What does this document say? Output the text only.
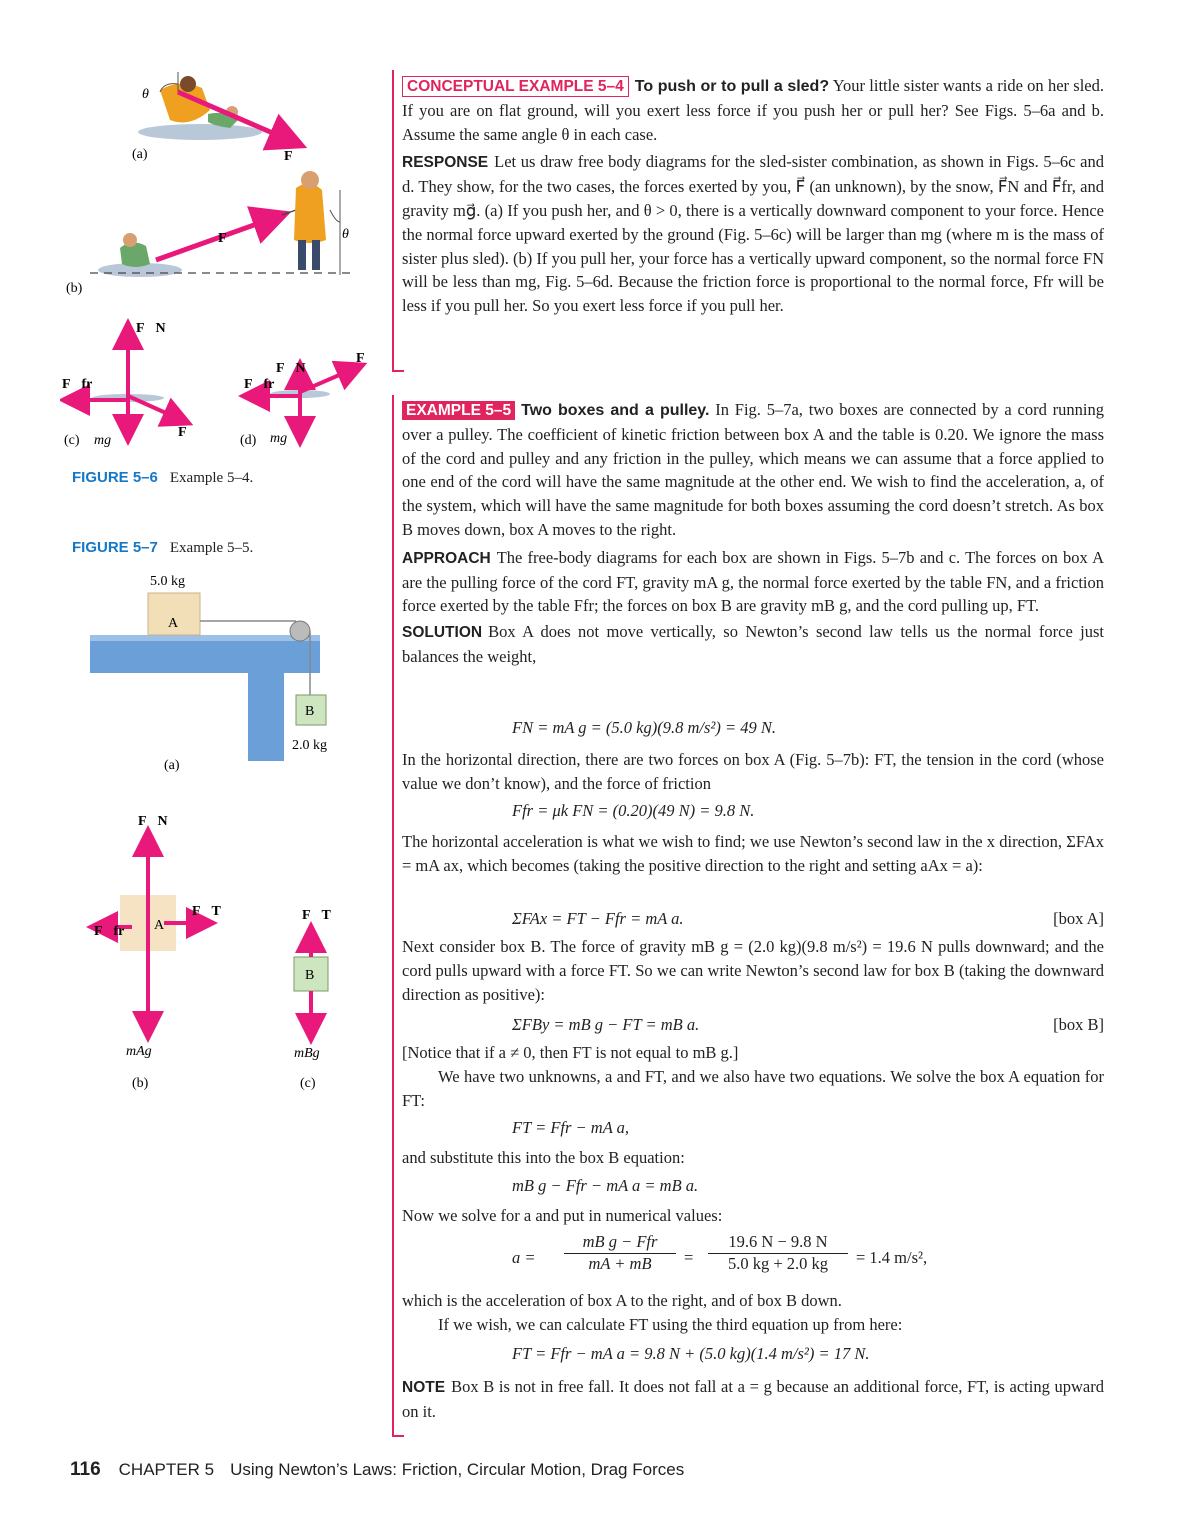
θ
(a)	F⃗
F⃗	θ
(b)
F⃗N
F⃗fr
F⃗
(c) mg⃗
F⃗N
F⃗
F⃗fr
(d) mg⃗
FIGURE 5–6 Example 5–4.
FIGURE 5–7 Example 5–5.
5.0 kg
A
B
2.0 kg
(a)
F⃗N
A
F⃗T
F⃗fr
mAg⃗
(b)
F⃗T
B
mBg⃗
(c)

CONCEPTUAL EXAMPLE 5–4 To push or to pull a sled? Your little sister wants a ride on her sled. If you are on flat ground, will you exert less force if you push her or pull her? See Figs. 5–6a and b. Assume the same angle θ in each case.

RESPONSE Let us draw free body diagrams for the sled-sister combination, as shown in Figs. 5–6c and d. They show, for the two cases, the forces exerted by you, F⃗ (an unknown), by the snow, F⃗N and F⃗fr, and gravity mg⃗. (a) If you push her, and θ > 0, there is a vertically downward component to your force. Hence the normal force upward exerted by the ground (Fig. 5–6c) will be larger than mg (where m is the mass of sister plus sled). (b) If you pull her, your force has a vertically upward component, so the normal force FN will be less than mg, Fig. 5–6d. Because the friction force is proportional to the normal force, Ffr will be less if you pull her. So you exert less force if you pull her.

EXAMPLE 5–5 Two boxes and a pulley. In Fig. 5–7a, two boxes are connected by a cord running over a pulley. The coefficient of kinetic friction between box A and the table is 0.20. We ignore the mass of the cord and pulley and any friction in the pulley, which means we can assume that a force applied to one end of the cord will have the same magnitude at the other end. We wish to find the acceleration, a, of the system, which will have the same magnitude for both boxes assuming the cord doesn’t stretch. As box B moves down, box A moves to the right.

APPROACH The free-body diagrams for each box are shown in Figs. 5–7b and c. The forces on box A are the pulling force of the cord FT, gravity mA g, the normal force exerted by the table FN, and a friction force exerted by the table Ffr; the forces on box B are gravity mB g, and the cord pulling up, FT.

SOLUTION Box A does not move vertically, so Newton’s second law tells us the normal force just balances the weight,

FN = mA g = (5.0 kg)(9.8 m/s²) = 49 N.

In the horizontal direction, there are two forces on box A (Fig. 5–7b): FT, the tension in the cord (whose value we don’t know), and the force of friction

Ffr = μk FN = (0.20)(49 N) = 9.8 N.

The horizontal acceleration is what we wish to find; we use Newton’s second law in the x direction, ΣFAx = mA ax, which becomes (taking the positive direction to the right and setting aAx = a):

ΣFAx = FT − Ffr = mA a.	[box A]

Next consider box B. The force of gravity mB g = (2.0 kg)(9.8 m/s²) = 19.6 N pulls downward; and the cord pulls upward with a force FT. So we can write Newton’s second law for box B (taking the downward direction as positive):

ΣFBy = mB g − FT = mB a.	[box B]

[Notice that if a ≠ 0, then FT is not equal to mB g.]

We have two unknowns, a and FT, and we also have two equations. We solve the box A equation for FT:

FT = Ffr − mA a,

and substitute this into the box B equation:

mB g − Ffr − mA a = mB a.

Now we solve for a and put in numerical values:

a =
mB g − Ffr
mA + mB	=
19.6 N − 9.8 N
5.0 kg + 2.0 kg	= 1.4 m/s²,

which is the acceleration of box A to the right, and of box B down.

If we wish, we can calculate FT using the third equation up from here:

FT = Ffr − mA a = 9.8 N + (5.0 kg)(1.4 m/s²) = 17 N.

NOTE Box B is not in free fall. It does not fall at a = g because an additional force, FT, is acting upward on it.

116 CHAPTER 5 Using Newton’s Laws: Friction, Circular Motion, Drag Forces
